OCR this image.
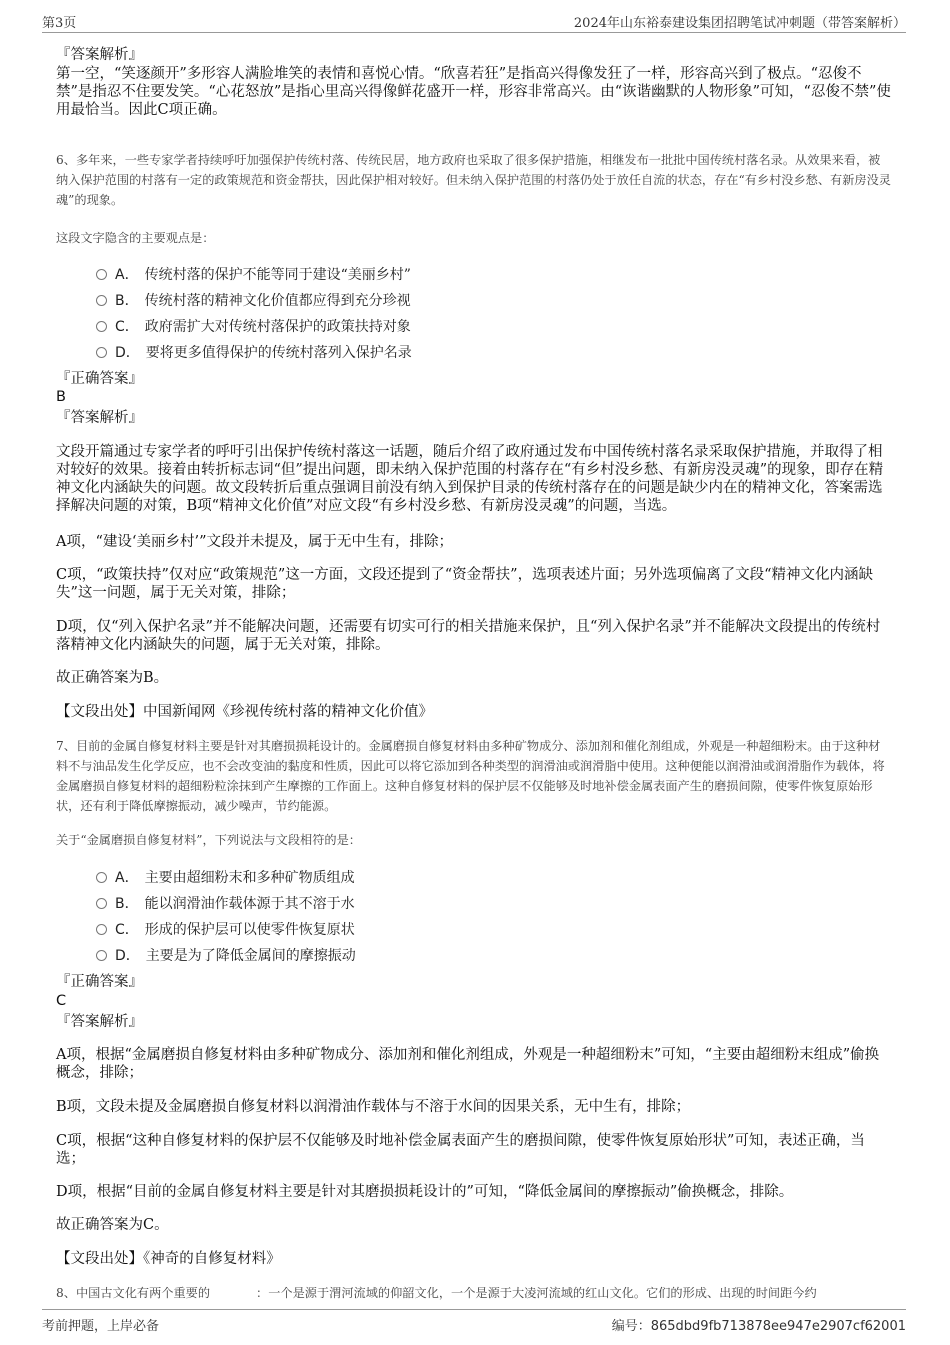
第3页	2024年山东裕泰建设集团招聘笔试冲刺题（带答案解析）
『答案解析』
第一空，“笑逐颜开”多形容人满脸堆笑的表情和喜悦心情。“欣喜若狂”是指高兴得像发狂了一样，形容高兴到了极点。“忍俊不禁”是指忍不住要发笑。“心花怒放”是指心里高兴得像鲜花盛开一样，形容非常高兴。由“诙谐幽默的人物形象”可知，“忍俊不禁”使用最恰当。因此C项正确。
6、多年来，一些专家学者持续呼吁加强保护传统村落、传统民居，地方政府也采取了很多保护措施，相继发布一批批中国传统村落名录。从效果来看，被纳入保护范围的村落有一定的政策规范和资金帮扶，因此保护相对较好。但未纳入保护范围的村落仍处于放任自流的状态，存在“有乡村没乡愁、有新房没灵魂”的现象。
这段文字隐含的主要观点是：
A． 传统村落的保护不能等同于建设“美丽乡村”
B． 传统村落的精神文化价值都应得到充分珍视
C． 政府需扩大对传统村落保护的政策扶持对象
D． 要将更多值得保护的传统村落列入保护名录
『正确答案』
B
『答案解析』
文段开篇通过专家学者的呼吁引出保护传统村落这一话题，随后介绍了政府通过发布中国传统村落名录采取保护措施，并取得了相对较好的效果。接着由转折标志词“但”提出问题，即未纳入保护范围的村落存在“有乡村没乡愁、有新房没灵魂”的现象，即存在精神文化内涵缺失的问题。故文段转折后重点强调目前没有纳入到保护目录的传统村落存在的问题是缺少内在的精神文化，答案需选择解决问题的对策，B项“精神文化价值”对应文段“有乡村没乡愁、有新房没灵魂”的问题，当选。
A项，“建设‘美丽乡村’”文段并未提及，属于无中生有，排除；
C项，“政策扶持”仅对应“政策规范”这一方面，文段还提到了“资金帮扶”，选项表述片面；另外选项偏离了文段“精神文化内涵缺失”这一问题，属于无关对策，排除；
D项，仅“列入保护名录”并不能解决问题，还需要有切实可行的相关措施来保护，且“列入保护名录”并不能解决文段提出的传统村落精神文化内涵缺失的问题，属于无关对策，排除。
故正确答案为B。
【文段出处】中国新闻网《珍视传统村落的精神文化价值》
7、目前的金属自修复材料主要是针对其磨损损耗设计的。金属磨损自修复材料由多种矿物成分、添加剂和催化剂组成，外观是一种超细粉末。由于这种材料不与油品发生化学反应，也不会改变油的黏度和性质，因此可以将它添加到各种类型的润滑油或润滑脂中使用。这种便能以润滑油或润滑脂作为载体，将金属磨损自修复材料的超细粉粒涂抹到产生摩擦的工作面上。这种自修复材料的保护层不仅能够及时地补偿金属表面产生的磨损间隙，使零件恢复原始形状，还有利于降低摩擦振动，减少噪声，节约能源。
关于“金属磨损自修复材料”，下列说法与文段相符的是：
A． 主要由超细粉末和多种矿物质组成
B． 能以润滑油作载体源于其不溶于水
C． 形成的保护层可以使零件恢复原状
D． 主要是为了降低金属间的摩擦振动
『正确答案』
C
『答案解析』
A项，根据“金属磨损自修复材料由多种矿物成分、添加剂和催化剂组成，外观是一种超细粉末”可知，“主要由超细粉末组成”偷换概念，排除；
B项，文段未提及金属磨损自修复材料以润滑油作载体与不溶于水间的因果关系，无中生有，排除；
C项，根据“这种自修复材料的保护层不仅能够及时地补偿金属表面产生的磨损间隙，使零件恢复原始形状”可知，表述正确，当选；
D项，根据“目前的金属自修复材料主要是针对其磨损损耗设计的”可知，“降低金属间的摩擦振动”偷换概念，排除。
故正确答案为C。
【文段出处】《神奇的自修复材料》
8、中国古文化有两个重要的	：一个是源于渭河流域的仰韶文化，一个是源于大凌河流域的红山文化。它们的形成、出现的时间距今约
考前押题，上岸必备	编号：865dbd9fb713878ee947e2907cf62001
